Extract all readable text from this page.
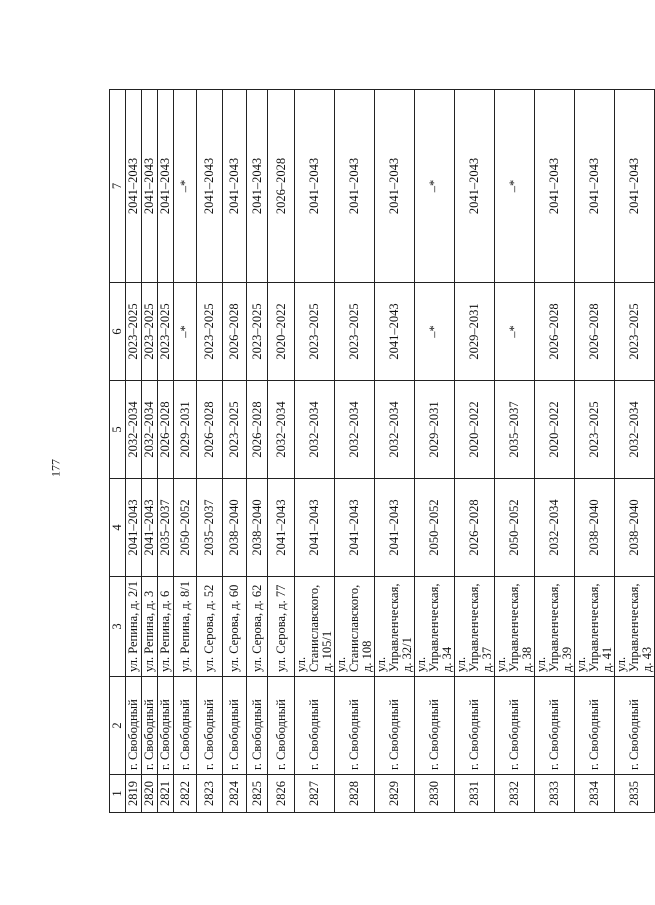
177
1	2	3	4	5	6	7
2819	г. Свободный	ул. Репина, д. 2/1	2041–2043	2032–2034	2023–2025	2041–2043
2820	г. Свободный	ул. Репина, д. 3	2041–2043	2032–2034	2023–2025	2041–2043
2821	г. Свободный	ул. Репина, д. 6	2035–2037	2026–2028	2023–2025	2041–2043
2822	г. Свободный	ул. Репина, д. 8/1	2050–2052	2029–2031	–*	–*
2823	г. Свободный	ул. Серова, д. 52	2035–2037	2026–2028	2023–2025	2041–2043
2824	г. Свободный	ул. Серова, д. 60	2038–2040	2023–2025	2026–2028	2041–2043
2825	г. Свободный	ул. Серова, д. 62	2038–2040	2026–2028	2023–2025	2041–2043
2826	г. Свободный	ул. Серова, д. 77	2041–2043	2032–2034	2020–2022	2026–2028
2827	г. Свободный	ул. Станиславского, д. 105/1	2041–2043	2032–2034	2023–2025	2041–2043
2828	г. Свободный	ул. Станиславского, д. 108	2041–2043	2032–2034	2023–2025	2041–2043
2829	г. Свободный	ул. Управленческая, д. 32/1	2041–2043	2032–2034	2041–2043	2041–2043
2830	г. Свободный	ул. Управленческая, д. 34	2050–2052	2029–2031	–*	–*
2831	г. Свободный	ул. Управленческая, д. 37	2026–2028	2020–2022	2029–2031	2041–2043
2832	г. Свободный	ул. Управленческая, д. 38	2050–2052	2035–2037	–*	–*
2833	г. Свободный	ул. Управленческая, д. 39	2032–2034	2020–2022	2026–2028	2041–2043
2834	г. Свободный	ул. Управленческая, д. 41	2038–2040	2023–2025	2026–2028	2041–2043
2835	г. Свободный	ул. Управленческая, д. 43	2038–2040	2032–2034	2023–2025	2041–2043
